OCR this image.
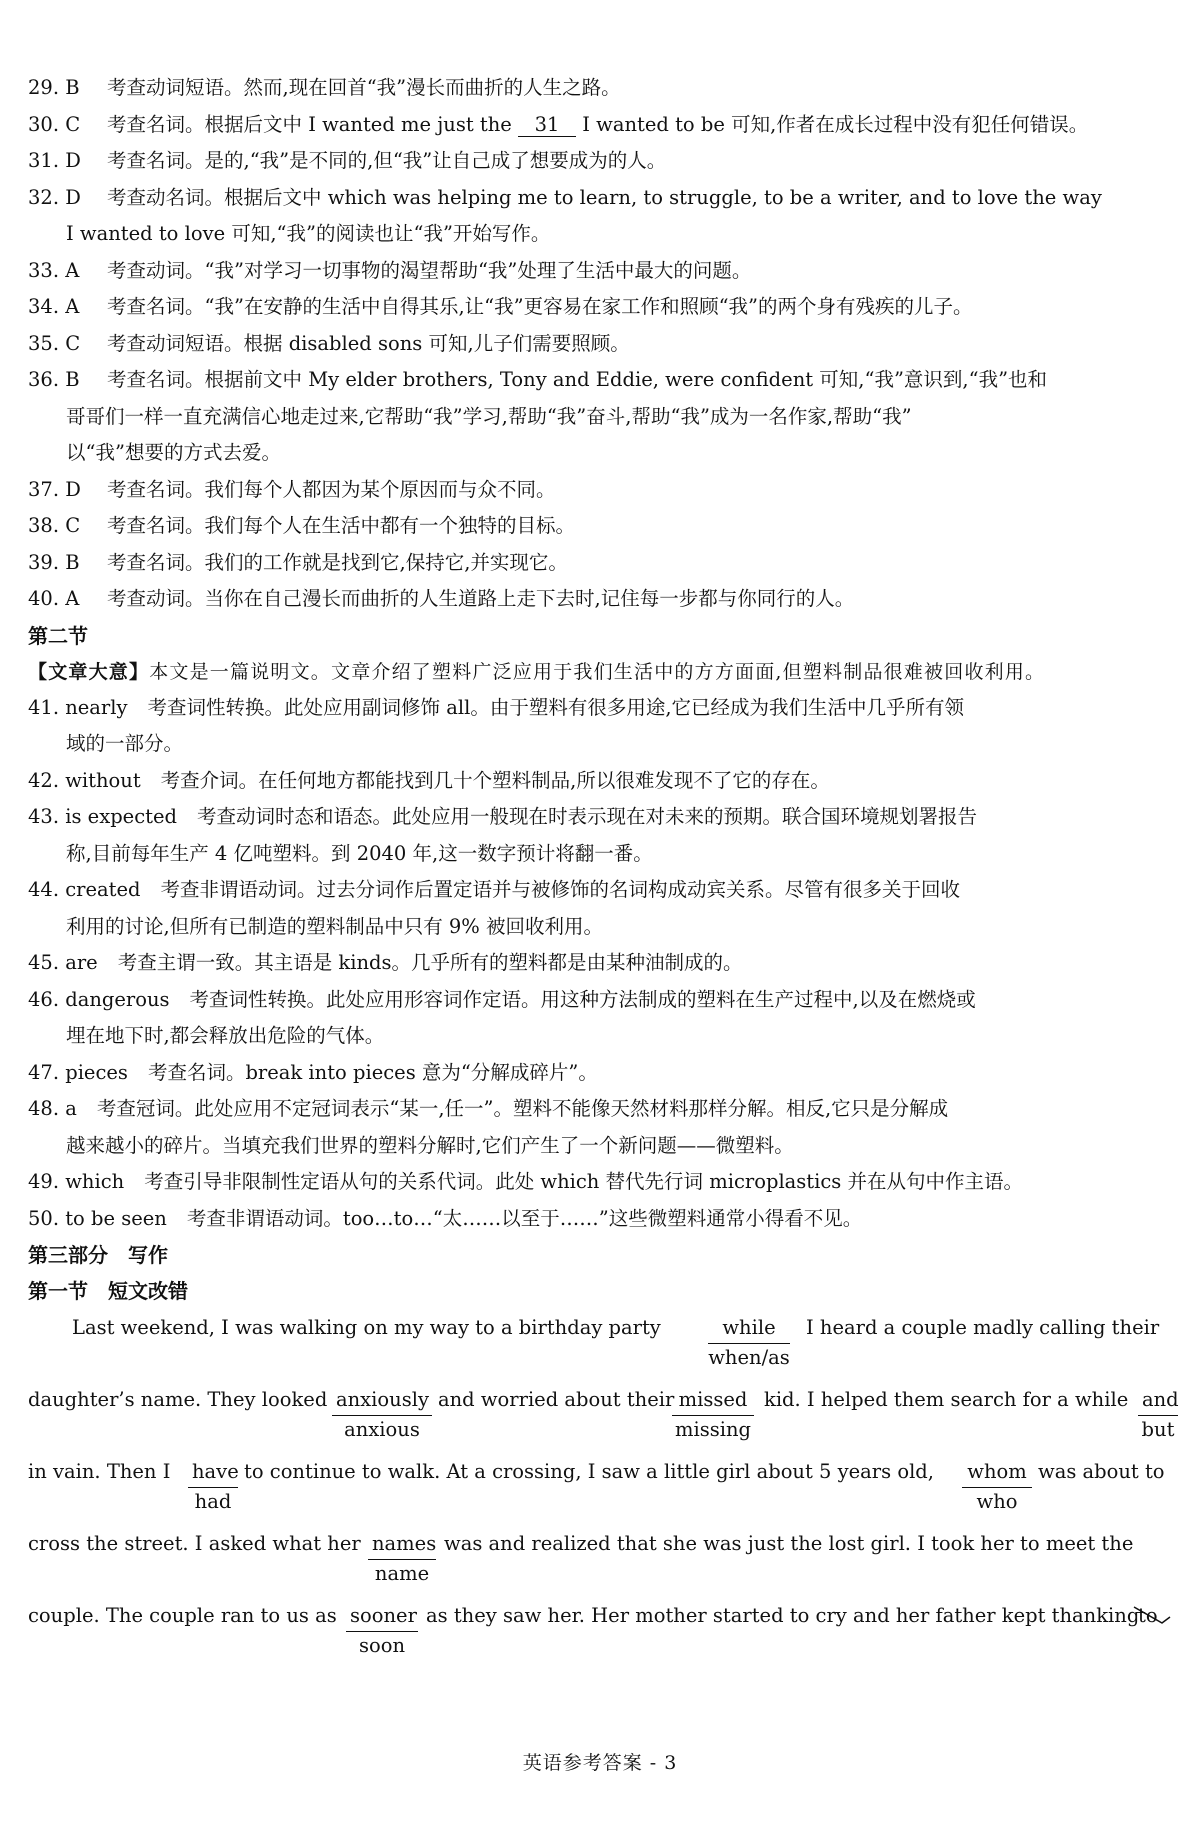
29. B	考查动词短语。然而,现在回首“我”漫长而曲折的人生之路。
30. C	考查名词。根据后文中 I wanted me just the 31 I wanted to be 可知,作者在成长过程中没有犯任何错误。
31. D	考查名词。是的,“我”是不同的,但“我”让自己成了想要成为的人。
32. D	考查动名词。根据后文中 which was helping me to learn, to struggle, to be a writer, and to love the way
I wanted to love 可知,“我”的阅读也让“我”开始写作。
33. A	考查动词。“我”对学习一切事物的渴望帮助“我”处理了生活中最大的问题。
34. A	考查名词。“我”在安静的生活中自得其乐,让“我”更容易在家工作和照顾“我”的两个身有残疾的儿子。
35. C	考查动词短语。根据 disabled sons 可知,儿子们需要照顾。
36. B	考查名词。根据前文中 My elder brothers, Tony and Eddie, were confident 可知,“我”意识到,“我”也和
哥哥们一样一直充满信心地走过来,它帮助“我”学习,帮助“我”奋斗,帮助“我”成为一名作家,帮助“我”
以“我”想要的方式去爱。
37. D	考查名词。我们每个人都因为某个原因而与众不同。
38. C	考查名词。我们每个人在生活中都有一个独特的目标。
39. B	考查名词。我们的工作就是找到它,保持它,并实现它。
40. A	考查动词。当你在自己漫长而曲折的人生道路上走下去时,记住每一步都与你同行的人。
第二节
【文章大意】本文是一篇说明文。文章介绍了塑料广泛应用于我们生活中的方方面面,但塑料制品很难被回收利用。
41. nearly	考查词性转换。此处应用副词修饰 all。由于塑料有很多用途,它已经成为我们生活中几乎所有领
域的一部分。
42. without	考查介词。在任何地方都能找到几十个塑料制品,所以很难发现不了它的存在。
43. is expected	考查动词时态和语态。此处应用一般现在时表示现在对未来的预期。联合国环境规划署报告
称,目前每年生产 4 亿吨塑料。到 2040 年,这一数字预计将翻一番。
44. created	考查非谓语动词。过去分词作后置定语并与被修饰的名词构成动宾关系。尽管有很多关于回收
利用的讨论,但所有已制造的塑料制品中只有 9% 被回收利用。
45. are	考查主谓一致。其主语是 kinds。几乎所有的塑料都是由某种油制成的。
46. dangerous	考查词性转换。此处应用形容词作定语。用这种方法制成的塑料在生产过程中,以及在燃烧或
埋在地下时,都会释放出危险的气体。
47. pieces	考查名词。break into pieces 意为“分解成碎片”。
48. a	考查冠词。此处应用不定冠词表示“某一,任一”。塑料不能像天然材料那样分解。相反,它只是分解成
越来越小的碎片。当填充我们世界的塑料分解时,它们产生了一个新问题——微塑料。
49. which	考查引导非限制性定语从句的关系代词。此处 which 替代先行词 microplastics 并在从句中作主语。
50. to be seen	考查非谓语动词。too…to…“太……以至于……”这些微塑料通常小得看不见。
第三部分　写作
第一节　短文改错
Last weekend, I was walking on my way to a birthday party	while
when/as
I heard a couple madly calling their
daughter’s name. They looked anxiously
anxious
and worried about their missed
missing
kid. I helped them search for a while and
but
in vain. Then I have
had
to continue to walk. At a crossing, I saw a little girl about 5 years old, whom
who
was about to
cross the street. I asked what her names
name
was and realized that she was just the lost girl. I took her to meet the
couple. The couple ran to us as sooner
soon
as they saw her. Her mother started to cry and her father kept thanking
to
英语参考答案 - 3
